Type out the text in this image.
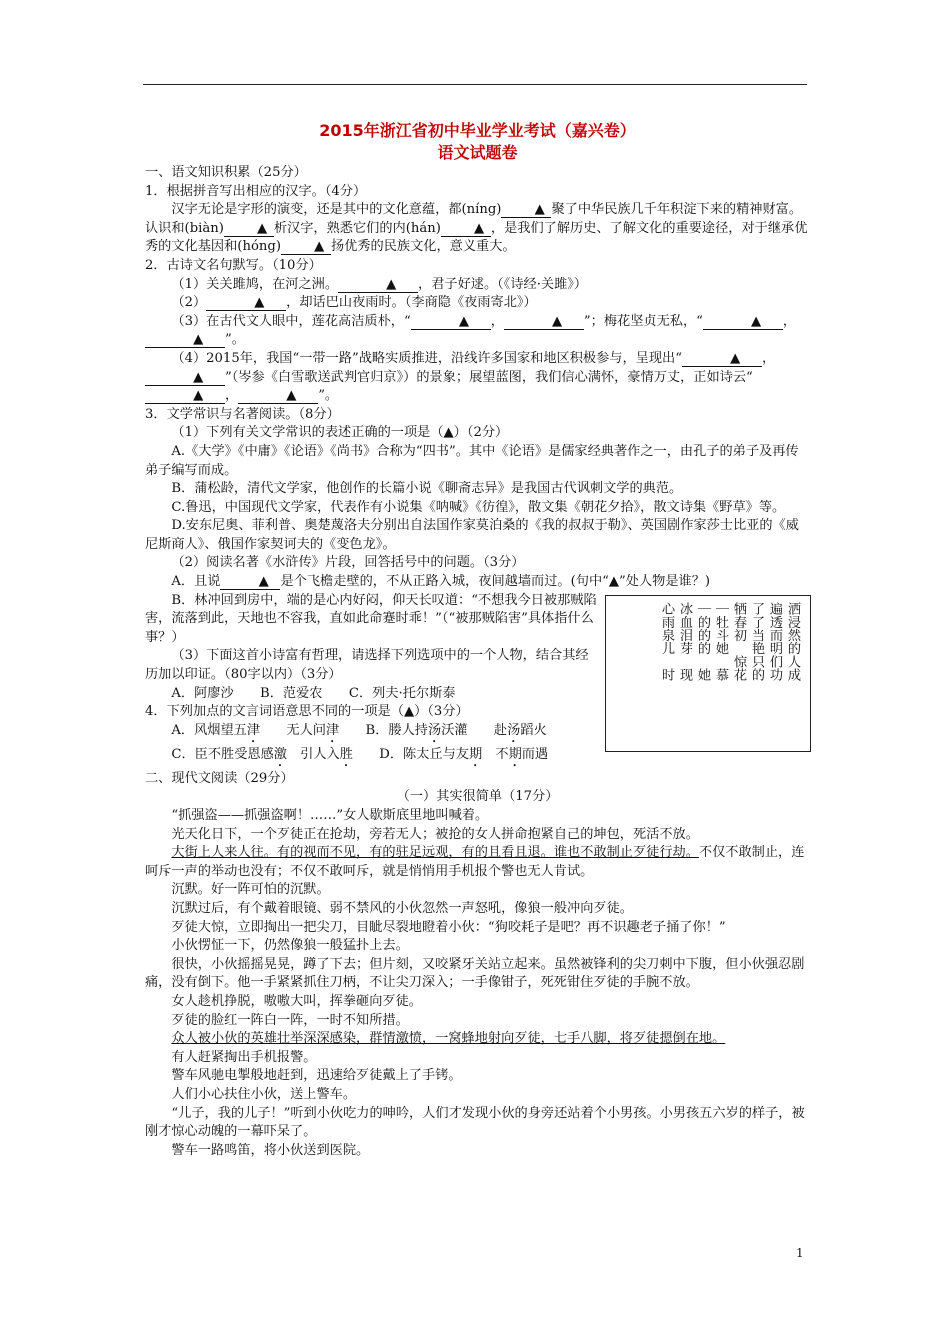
2015年浙江省初中毕业学业考试（嘉兴卷）
语文试题卷

一、语文知识积累（25分）

1．根据拼音写出相应的汉字。（4分）

汉字无论是字形的演变，还是其中的文化意蕴，都(níng)	▲ 聚了中华民族几千年积淀下来的精神财富。认识和(biàn)	▲ 析汉字，熟悉它们的内(hán)	▲ ，是我们了解历史、了解文化的重要途径，对于继承优秀的文化基因和(hóng)	▲ 扬优秀的民族文化，意义重大。

2．古诗文名句默写。（10分）

（1）关关雎鸠，在河之洲。	▲ ，君子好逑。（《诗经·关雎》）

（2）	▲ ，却话巴山夜雨时。（李商隐《夜雨寄北》）

（3）在古代文人眼中，莲花高洁质朴，“	▲ ，	▲ ”；梅花坚贞无私，“	▲ ，▲ ”。

（4）2015年，我国“一带一路”战略实质推进，沿线许多国家和地区积极参与，呈现出“	▲ ，▲ ”（岑参《白雪歌送武判官归京》）的景象；展望蓝图，我们信心满怀，豪情万丈，正如诗云“▲ ，	▲ ”。

3．文学常识与名著阅读。（8分）

（1）下列有关文学常识的表述正确的一项是（▲）（2分）

A.《大学》《中庸》《论语》《尚书》合称为“四书”。其中《论语》是儒家经典著作之一，由孔子的弟子及再传弟子编写而成。

B．蒲松龄，清代文学家，他创作的长篇小说《聊斋志异》是我国古代讽刺文学的典范。

C.鲁迅，中国现代文学家，代表作有小说集《呐喊》《彷徨》，散文集《朝花夕拾》，散文诗集《野草》等。

D.安东尼奥、菲利普、奥楚蔑洛夫分别出自法国作家莫泊桑的《我的叔叔于勒》、英国剧作家莎士比亚的《威尼斯商人》、俄国作家契诃夫的《变色龙》。

（2）阅读名著《水浒传》片段，回答括号中的问题。（3分）

A．且说	▲ 是个飞檐走壁的，不从正路入城，夜间越墙而过。(句中“▲”处人物是谁？)

B．林冲回到房中，端的是心内好闷，仰天长叹道：“不想我今日被那贼陷害，流落到此，天地也不容我，直如此命蹇时乖！”（“被那贼陷害”具体指什么事？）

（3）下面这首小诗富有哲理，请选择下列选项中的一个人物，结合其经历加以印证。（80字以内）（3分）

A．阿廖沙　　B．范爱农　　C．列夫·托尔斯泰

4．下列加点的文言词语意思不同的一项是（▲）（3分）

A．风烟望五津　　无人问津　　B．媵人持汤沃灌　　赴汤蹈火

C．臣不胜受恩感激　引人入胜　　D．陈太丘与友期　不期而遇

二、现代文阅读（29分）

（一）其实很简单（17分）

“抓强盗——抓强盗啊！……”女人歇斯底里地叫喊着。

光天化日下，一个歹徒正在抢劫，旁若无人；被抢的女人拼命抱紧自己的坤包，死活不放。

大街上人来人往。有的视而不见，有的驻足远观，有的且看且退。谁也不敢制止歹徒行劫。不仅不敢制止，连呵斥一声的举动也没有；不仅不敢呵斥，就是悄悄用手机报个警也无人肯试。

沉默。好一阵可怕的沉默。

沉默过后，有个戴着眼镜、弱不禁风的小伙忽然一声怒吼，像狼一般冲向歹徒。

歹徒大惊，立即掏出一把尖刀，目眦尽裂地瞪着小伙：“狗咬耗子是吧？再不识趣老子捅了你！”

小伙愣怔一下，仍然像狼一般猛扑上去。

很快，小伙摇摇晃晃，蹲了下去；但片刻，又咬紧牙关站立起来。虽然被锋利的尖刀刺中下腹，但小伙强忍剧痛，没有倒下。他一手紧紧抓住刀柄，不让尖刀深入；一手像钳子，死死钳住歹徒的手腕不放。

女人趁机挣脱，嗷嗷大叫，挥拳砸向歹徒。

歹徒的脸红一阵白一阵，一时不知所措。

众人被小伙的英雄壮举深深感染，群情激愤，一窝蜂地射向歹徒，七手八脚，将歹徒摁倒在地。

有人赶紧掏出手机报警。

警车风驰电掣般地赶到，迅速给歹徒戴上了手铐。

人们小心扶住小伙，送上警车。

“儿子，我的儿子！”听到小伙吃力的呻吟，人们才发现小伙的身旁还站着个小男孩。小男孩五六岁的样子，被刚才惊心动魄的一幕吓呆了。

警车一路鸣笛，将小伙送到医院。

洒浸然的人成
遍透而明们功
了了当艳只的
牺春初　惊花
｜牡斗她　慕
｜的的的　她
冰血泪芽　现
心雨泉儿　时
1
